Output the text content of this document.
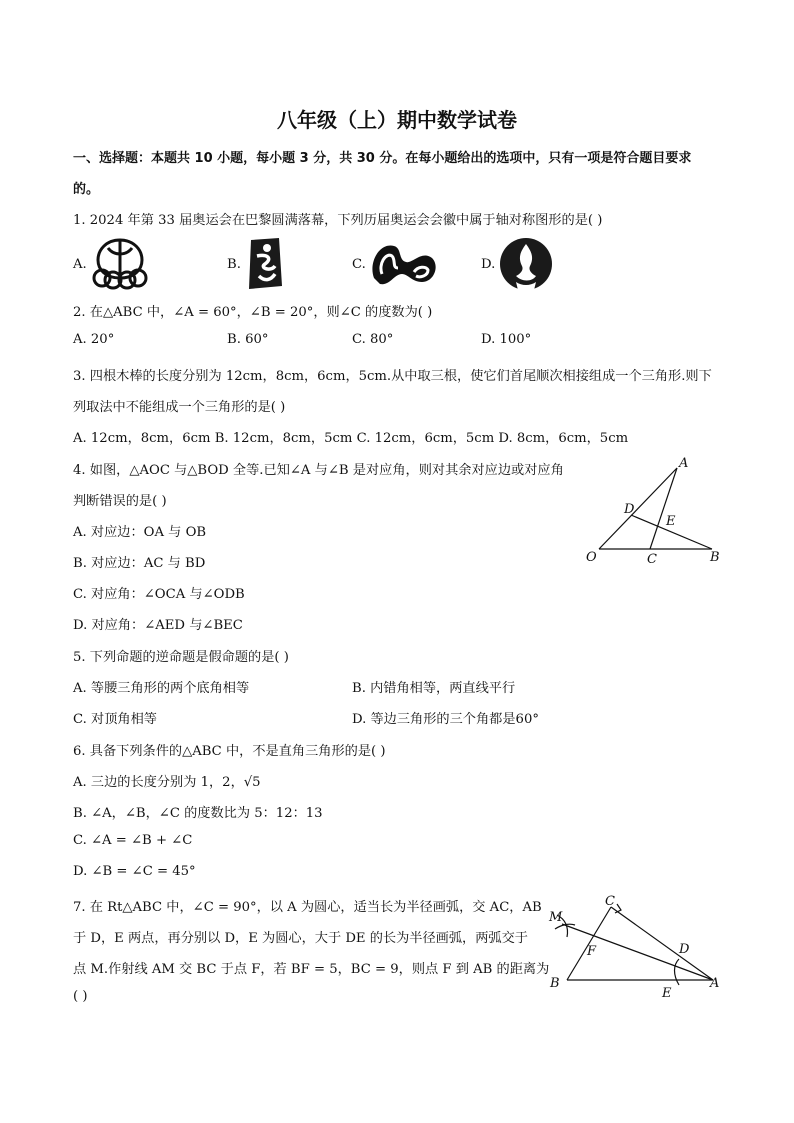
八年级（上）期中数学试卷
一、选择题：本题共 10 小题，每小题 3 分，共 30 分。在每小题给出的选项中，只有一项是符合题目要求
的。
1. 2024 年第 33 届奥运会在巴黎圆满落幕，下列历届奥运会会徽中属于轴对称图形的是( )
A.	B.	C.	D.
2. 在△ABC 中，∠A = 60°，∠B = 20°，则∠C 的度数为( )
A. 20°	B. 60°	C. 80°	D. 100°
3. 四根木棒的长度分别为 12cm，8cm，6cm，5cm.从中取三根，使它们首尾顺次相接组成一个三角形.则下
列取法中不能组成一个三角形的是( )
A. 12cm，8cm，6cm B. 12cm，8cm，5cm C. 12cm，6cm，5cm D. 8cm，6cm，5cm
4. 如图，△AOC 与△BOD 全等.已知∠A 与∠B 是对应角，则对其余对应边或对应角
判断错误的是( )
A. 对应边：OA 与 OB
B. 对应边：AC 与 BD
C. 对应角：∠OCA 与∠ODB
D. 对应角：∠AED 与∠BEC
A
D
E
O	C	B
5. 下列命题的逆命题是假命题的是( )
A. 等腰三角形的两个底角相等	B. 内错角相等，两直线平行
C. 对顶角相等	D. 等边三角形的三个角都是60°
6. 具备下列条件的△ABC 中，不是直角三角形的是( )
A. 三边的长度分别为 1，2，√5
B. ∠A，∠B，∠C 的度数比为 5：12：13
C. ∠A = ∠B + ∠C
D. ∠B = ∠C = 45°
7. 在 Rt△ABC 中，∠C = 90°，以 A 为圆心，适当长为半径画弧，交 AC，AB
于 D，E 两点，再分别以 D，E 为圆心，大于 DE 的长为半径画弧，两弧交于
点 M.作射线 AM 交 BC 于点 F，若 BF = 5，BC = 9，则点 F 到 AB 的距离为
( )
M
C
F	D
B
E
A
